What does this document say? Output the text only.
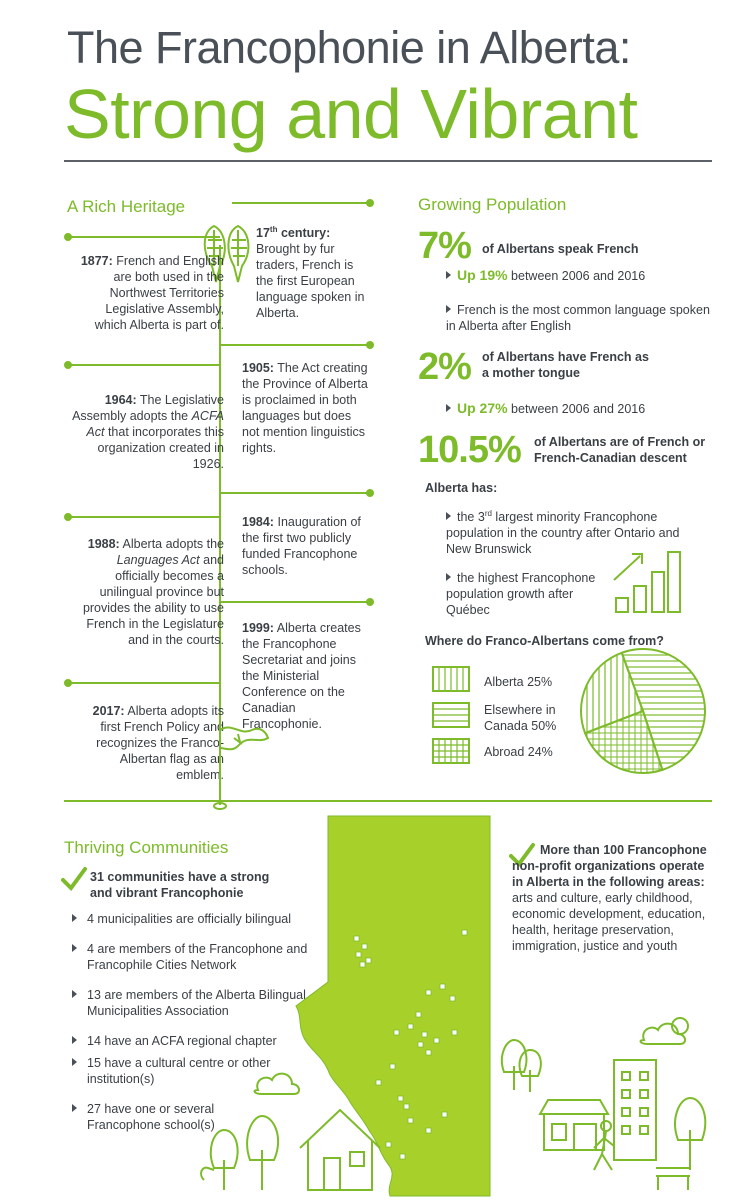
The Francophonie in Alberta:
Strong and Vibrant
A Rich Heritage
17th century: Brought by fur traders, French is the first European language spoken in Alberta.
1877: French and English are both used in the Northwest Territories Legislative Assembly, which Alberta is part of.
1905: The Act creating the Province of Alberta is proclaimed in both languages but does not mention linguistics rights.
1964: The Legislative Assembly adopts the ACFA Act that incorporates this organization created in 1926.
1984: Inauguration of the first two publicly funded Francophone schools.
1988: Alberta adopts the Languages Act and officially becomes a unilingual province but provides the ability to use French in the Legislature and in the courts.
1999: Alberta creates the Francophone Secretariat and joins the Ministerial Conference on the Canadian Francophonie.
2017: Alberta adopts its first French Policy and recognizes the Franco-Albertan flag as an emblem.
Growing Population
7% of Albertans speak French
Up 19% between 2006 and 2016
French is the most common language spoken in Alberta after English
2% of Albertans have French as a mother tongue
Up 27% between 2006 and 2016
10.5% of Albertans are of French or French-Canadian descent
Alberta has:
the 3rd largest minority Francophone population in the country after Ontario and New Brunswick
the highest Francophone population growth after Québec
Where do Franco-Albertans come from?
Alberta 25%
Elsewhere in Canada 50%
Abroad 24%
Thriving Communities
31 communities have a strong and vibrant Francophonie
4 municipalities are officially bilingual
4 are members of the Francophone and Francophile Cities Network
13 are members of the Alberta Bilingual Municipalities Association
14 have an ACFA regional chapter
15 have a cultural centre or other institution(s)
27 have one or several Francophone school(s)
More than 100 Francophone non-profit organizations operate in Alberta in the following areas: arts and culture, early childhood, economic development, education, health, heritage preservation, immigration, justice and youth
